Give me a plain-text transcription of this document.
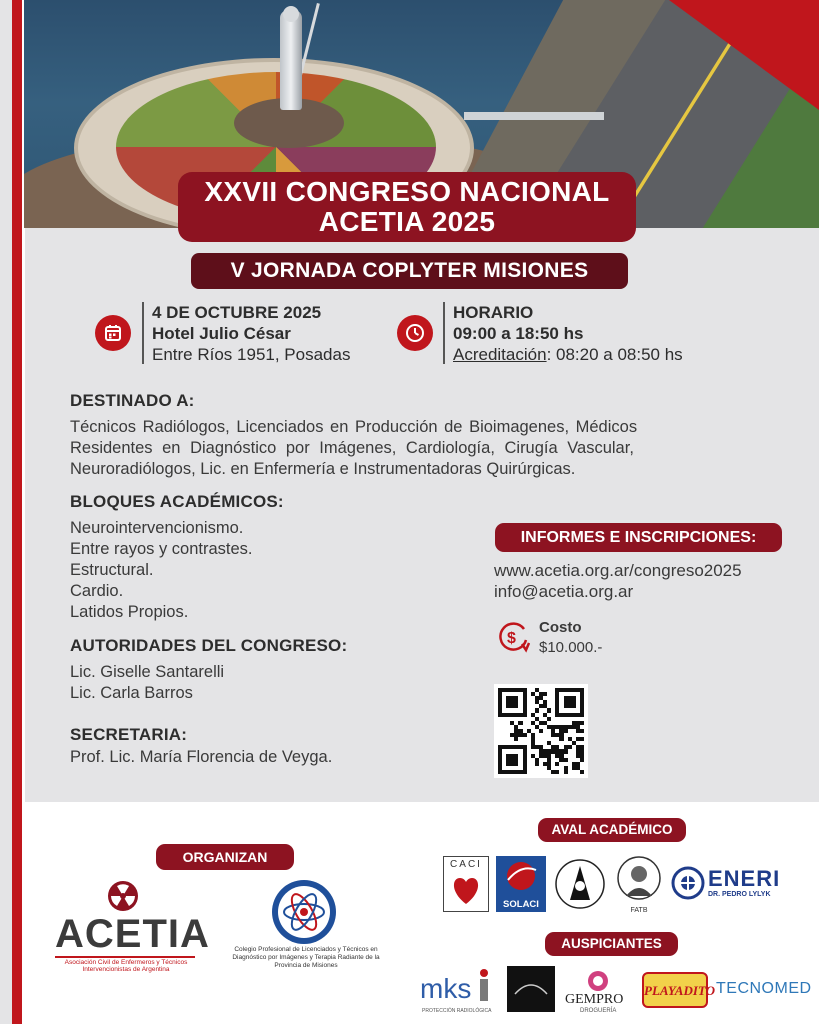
XXVII CONGRESO NACIONAL
ACETIA 2025
V JORNADA COPLYTER MISIONES
4 DE OCTUBRE 2025
Hotel Julio César
Entre Ríos 1951, Posadas
HORARIO
09:00 a 18:50 hs
Acreditación: 08:20 a 08:50 hs
DESTINADO A:
Técnicos Radiólogos, Licenciados en Producción de Bioimagenes, Médicos
Residentes en Diagnóstico por Imágenes, Cardiología, Cirugía Vascular,
Neuroradiólogos, Lic. en Enfermería e Instrumentadoras Quirúrgicas.
BLOQUES ACADÉMICOS:
Neurointervencionismo.
Entre rayos y contrastes.
Estructural.
Cardio.
Latidos Propios.
AUTORIDADES DEL CONGRESO:
Lic. Giselle Santarelli
Lic. Carla Barros
SECRETARIA:
Prof. Lic. María Florencia de Veyga.
INFORMES E INSCRIPCIONES:
www.acetia.org.ar/congreso2025
info@acetia.org.ar
$
Costo
$10.000.-
ORGANIZAN
AVAL ACADÉMICO
AUSPICIANTES
ACETIA
Asociación Civil de Enfermeros y Técnicos Intervencionistas de Argentina
Colegio Profesional de Licenciados y Técnicos en Diagnóstico por Imágenes y Terapia Radiante de la Provincia de Misiones
CACI
SOLACI
FATB
ENERI
DR. PEDRO LYLYK
mks
PROTECCIÓN RADIOLÓGICA
GEMPRO
DROGUERÍA
PLAYADITO TECNOMED
